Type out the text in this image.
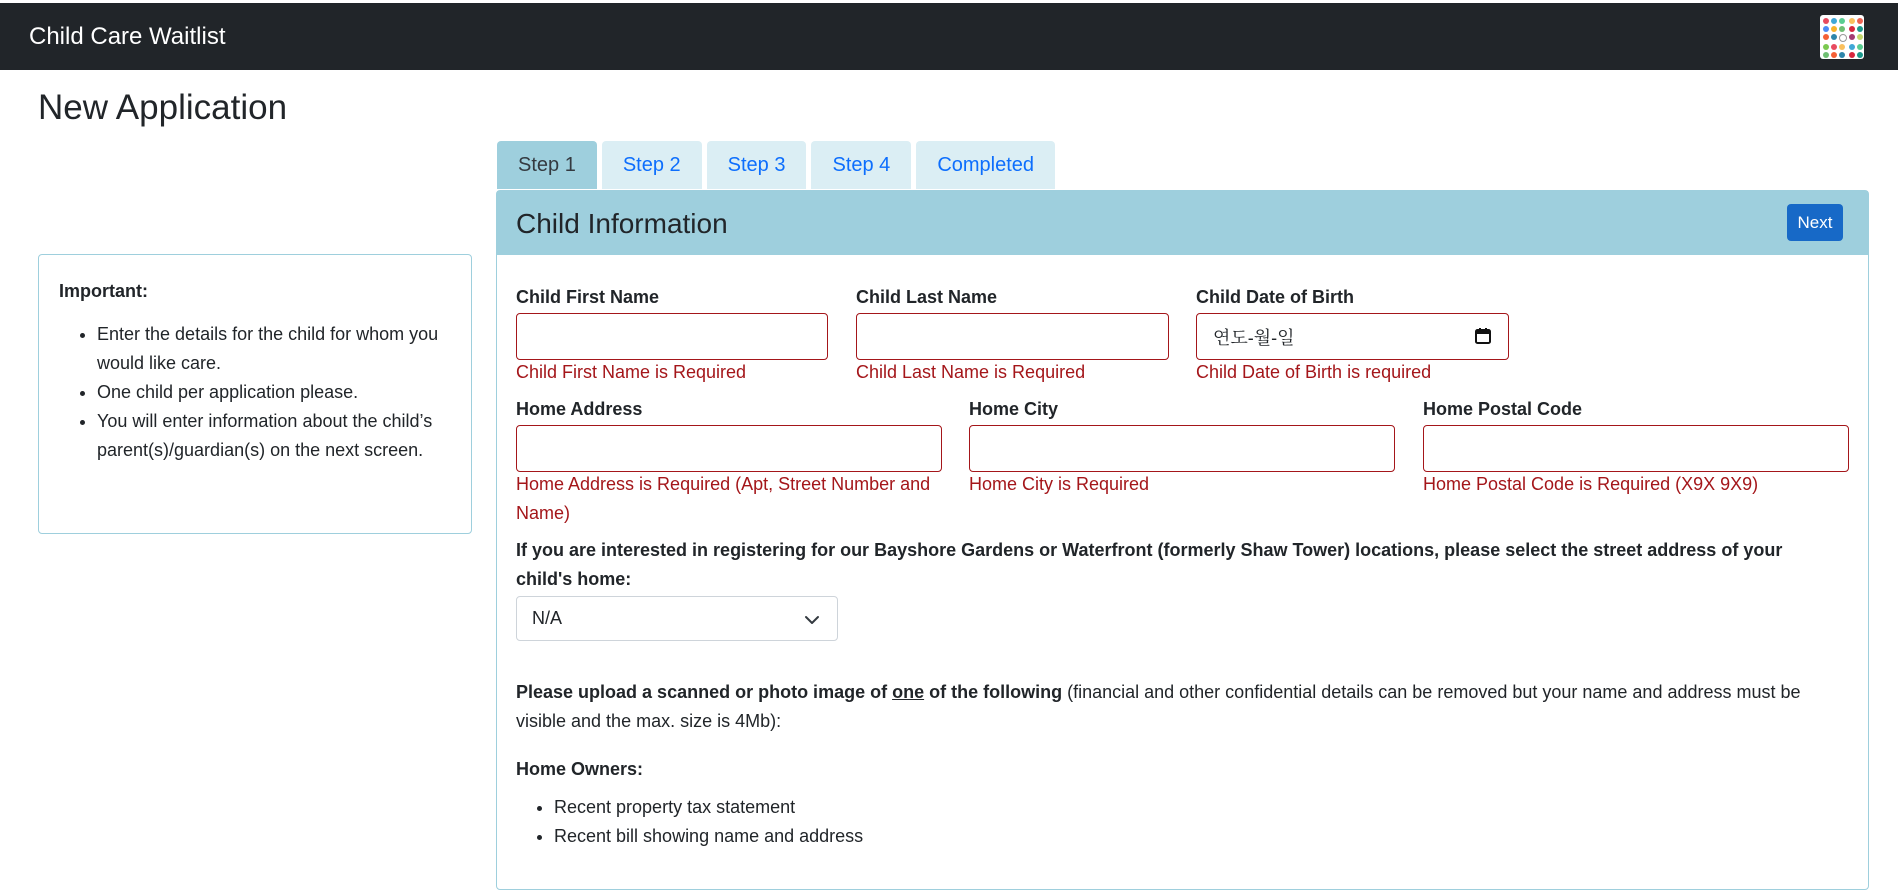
Child Care Waitlist
New Application
Step 1	Step 2	Step 3	Step 4	Completed
Important:
• Enter the details for the child for whom you would like care.
• One child per application please.
• You will enter information about the child’s parent(s)/guardian(s) on the next screen.
Child Information	Next
Child First Name
Child First Name is Required
Child Last Name
Child Last Name is Required
Child Date of Birth
연도-월-일
Child Date of Birth is required
Home Address
Home Address is Required (Apt, Street Number and Name)
Home City
Home City is Required
Home Postal Code
Home Postal Code is Required (X9X 9X9)
If you are interested in registering for our Bayshore Gardens or Waterfront (formerly Shaw Tower) locations, please select the street address of your child's home:
N/A
Please upload a scanned or photo image of one of the following (financial and other confidential details can be removed but your name and address must be visible and the max. size is 4Mb):
Home Owners:
• Recent property tax statement
• Recent bill showing name and address
